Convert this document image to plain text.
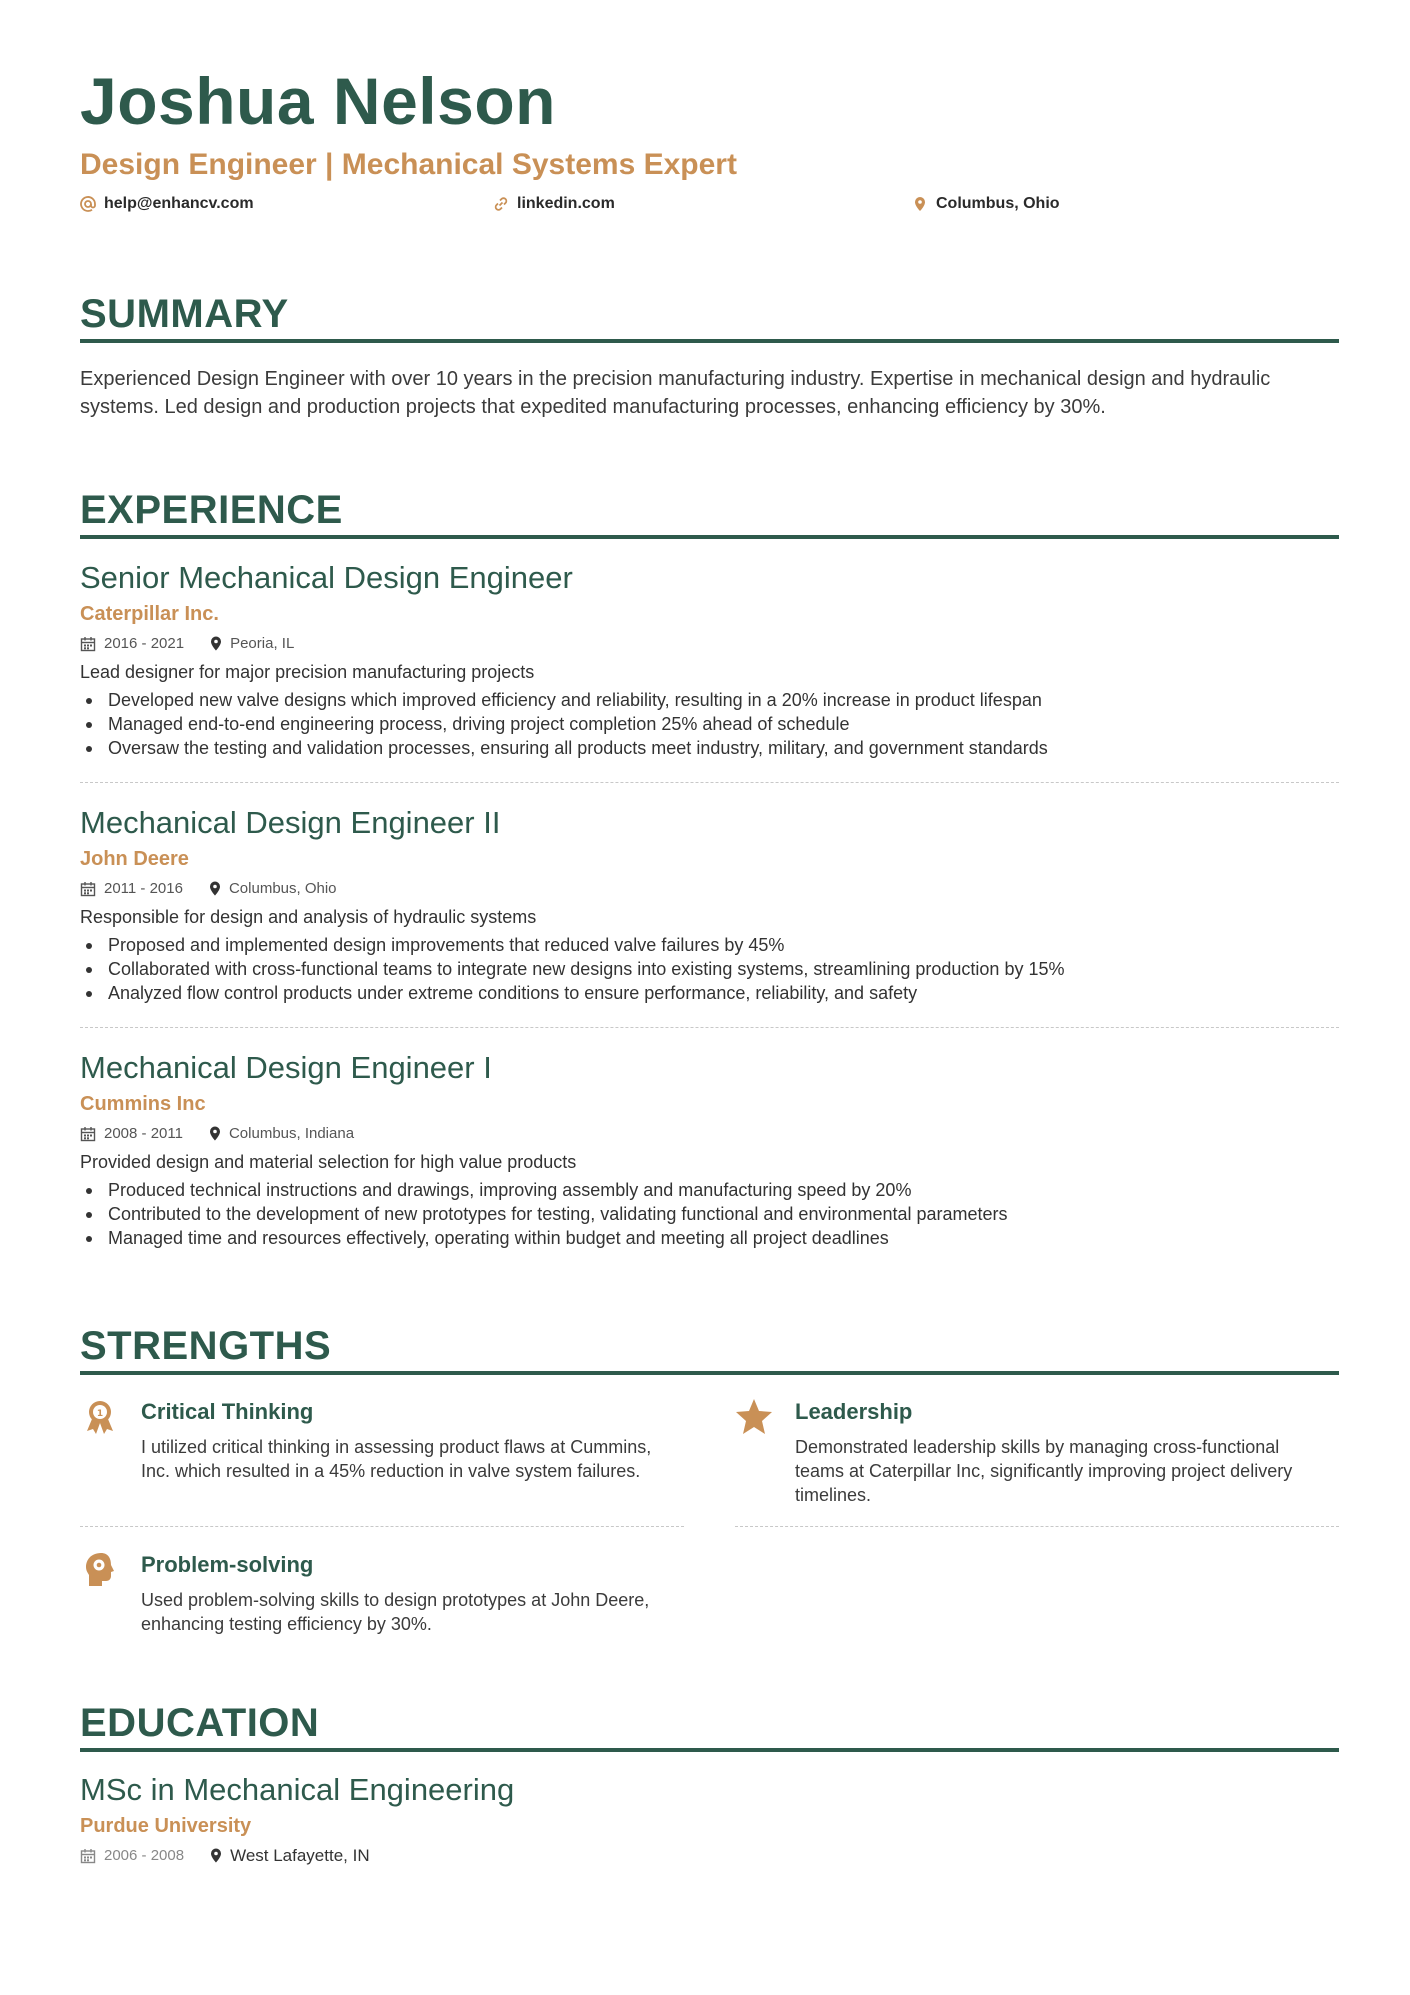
Joshua Nelson
Design Engineer | Mechanical Systems Expert
help@enhancv.com	linkedin.com	Columbus, Ohio
SUMMARY
Experienced Design Engineer with over 10 years in the precision manufacturing industry. Expertise in mechanical design and hydraulic systems. Led design and production projects that expedited manufacturing processes, enhancing efficiency by 30%.
EXPERIENCE
Senior Mechanical Design Engineer
Caterpillar Inc.
2016 - 2021	Peoria, IL
Lead designer for major precision manufacturing projects
Developed new valve designs which improved efficiency and reliability, resulting in a 20% increase in product lifespan
Managed end-to-end engineering process, driving project completion 25% ahead of schedule
Oversaw the testing and validation processes, ensuring all products meet industry, military, and government standards
Mechanical Design Engineer II
John Deere
2011 - 2016	Columbus, Ohio
Responsible for design and analysis of hydraulic systems
Proposed and implemented design improvements that reduced valve failures by 45%
Collaborated with cross-functional teams to integrate new designs into existing systems, streamlining production by 15%
Analyzed flow control products under extreme conditions to ensure performance, reliability, and safety
Mechanical Design Engineer I
Cummins Inc
2008 - 2011	Columbus, Indiana
Provided design and material selection for high value products
Produced technical instructions and drawings, improving assembly and manufacturing speed by 20%
Contributed to the development of new prototypes for testing, validating functional and environmental parameters
Managed time and resources effectively, operating within budget and meeting all project deadlines
STRENGTHS
1 Critical Thinking
I utilized critical thinking in assessing product flaws at Cummins, Inc. which resulted in a 45% reduction in valve system failures.
Leadership
Demonstrated leadership skills by managing cross-functional teams at Caterpillar Inc, significantly improving project delivery timelines.
Problem-solving
Used problem-solving skills to design prototypes at John Deere, enhancing testing efficiency by 30%.
EDUCATION
MSc in Mechanical Engineering
Purdue University
2006 - 2008	West Lafayette, IN
